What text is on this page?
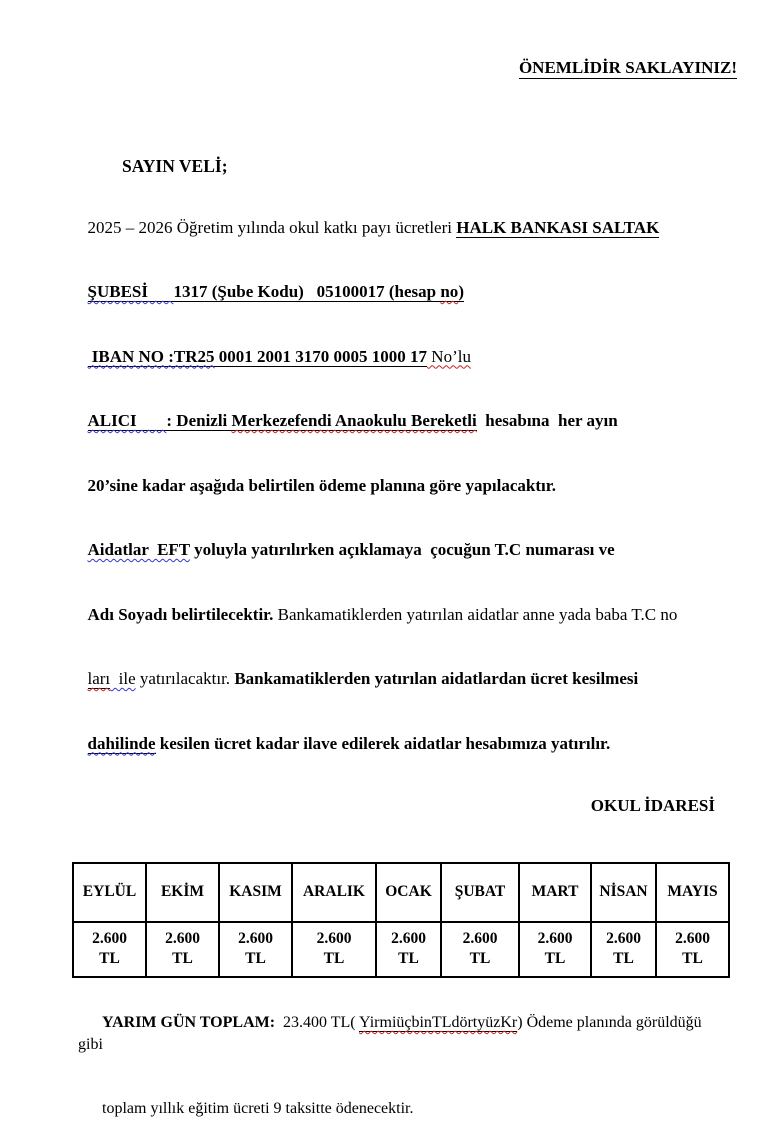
ÖNEMLİDİR SAKLAYINIZ!
SAYIN VELİ;

2025 – 2026 Öğretim yılında okul katkı payı ücretleri HALK BANKASI SALTAK

ŞUBESİ      1317 (Şube Kodu)   05100017 (hesap no)

IBAN NO :TR25 0001 2001 3170 0005 1000 17 No’lu

ALICI       : Denizli Merkezefendi Anaokulu Bereketli  hesabına  her ayın

20’sine kadar aşağıda belirtilen ödeme planına göre yapılacaktır.

Aidatlar  EFT yoluyla yatırılırken açıklamaya  çocuğun T.C numarası ve

Adı Soyadı belirtilecektir. Bankamatiklerden yatırılan aidatlar anne yada baba T.C no

ları  ile yatırılacaktır. Bankamatiklerden yatırılan aidatlardan ücret kesilmesi

dahilinde kesilen ücret kadar ilave edilerek aidatlar hesabımıza yatırılır.

OKUL İDARESİ
EYLÜL	EKİM	KASIM	ARALIK	OCAK	ŞUBAT	MART	NİSAN	MAYIS

2.600
TL	2.600
TL	2.600
TL	2.600
TL	2.600
TL	2.600
TL	2.600
TL	2.600
TL	2.600
TL

YARIM GÜN TOPLAM:  23.400 TL( YirmiüçbinTLdörtyüzKr) Ödeme planında görüldüğü gibi

toplam yıllık eğitim ücreti 9 taksitte ödenecektir.
